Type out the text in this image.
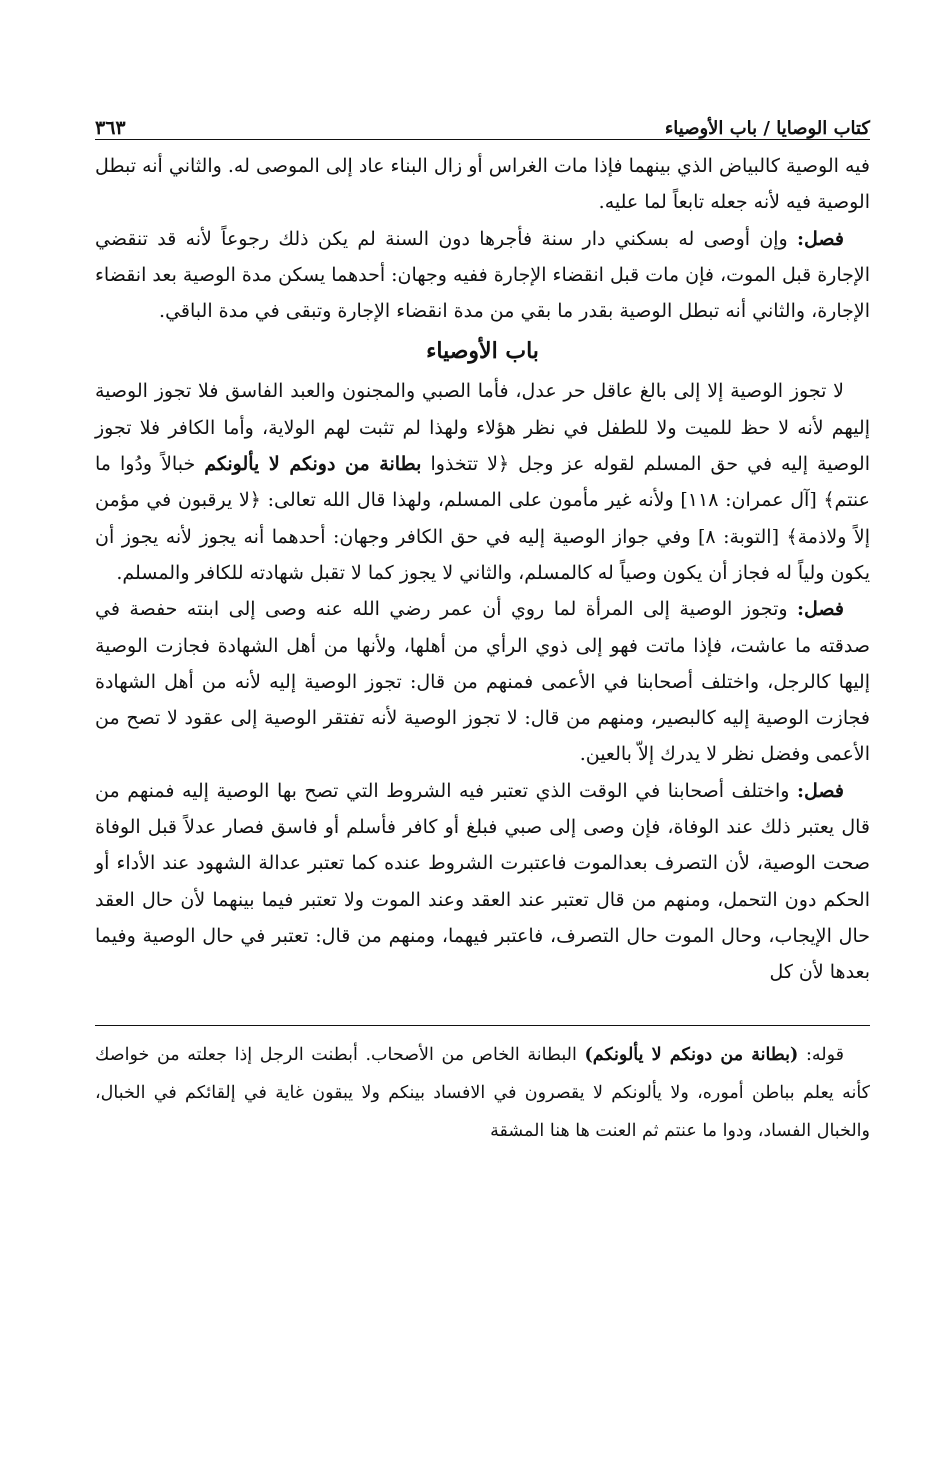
كتاب الوصايا / باب الأوصياء
٣٦٣

فيه الوصية كالبياض الذي بينهما فإذا مات الغراس أو زال البناء عاد إلى الموصى له. والثاني أنه تبطل الوصية فيه لأنه جعله تابعاً لما عليه.

فصل: وإن أوصى له بسكني دار سنة فأجرها دون السنة لم يكن ذلك رجوعاً لأنه قد تنقضي الإجارة قبل الموت، فإن مات قبل انقضاء الإجارة ففيه وجهان: أحدهما يسكن مدة الوصية بعد انقضاء الإجارة، والثاني أنه تبطل الوصية بقدر ما بقي من مدة انقضاء الإجارة وتبقى في مدة الباقي.

باب الأوصياء

لا تجوز الوصية إلا إلى بالغ عاقل حر عدل، فأما الصبي والمجنون والعبد الفاسق فلا تجوز الوصية إليهم لأنه لا حظ للميت ولا للطفل في نظر هؤلاء ولهذا لم تثبت لهم الولاية، وأما الكافر فلا تجوز الوصية إليه في حق المسلم لقوله عز وجل ﴿لا تتخذوا بطانة من دونكم لا يألونكم خبالاً ودُوا ما عنتم﴾ [آل عمران: ١١٨] ولأنه غير مأمون على المسلم، ولهذا قال الله تعالى: ﴿لا يرقبون في مؤمن إلاً ولاذمة﴾ [التوبة: ٨] وفي جواز الوصية إليه في حق الكافر وجهان: أحدهما أنه يجوز لأنه يجوز أن يكون ولياً له فجاز أن يكون وصياً له كالمسلم، والثاني لا يجوز كما لا تقبل شهادته للكافر والمسلم.

فصل: وتجوز الوصية إلى المرأة لما روي أن عمر رضي الله عنه وصى إلى ابنته حفصة في صدقته ما عاشت، فإذا ماتت فهو إلى ذوي الرأي من أهلها، ولأنها من أهل الشهادة فجازت الوصية إليها كالرجل، واختلف أصحابنا في الأعمى فمنهم من قال: تجوز الوصية إليه لأنه من أهل الشهادة فجازت الوصية إليه كالبصير، ومنهم من قال: لا تجوز الوصية لأنه تفتقر الوصية إلى عقود لا تصح من الأعمى وفضل نظر لا يدرك إلاّ بالعين.

فصل: واختلف أصحابنا في الوقت الذي تعتبر فيه الشروط التي تصح بها الوصية إليه فمنهم من قال يعتبر ذلك عند الوفاة، فإن وصى إلى صبي فبلغ أو كافر فأسلم أو فاسق فصار عدلاً قبل الوفاة صحت الوصية، لأن التصرف بعدالموت فاعتبرت الشروط عنده كما تعتبر عدالة الشهود عند الأداء أو الحكم دون التحمل، ومنهم من قال تعتبر عند العقد وعند الموت ولا تعتبر فيما بينهما لأن حال العقد حال الإيجاب، وحال الموت حال التصرف، فاعتبر فيهما، ومنهم من قال: تعتبر في حال الوصية وفيما بعدها لأن كل

قوله: (بطانة من دونكم لا يألونكم) البطانة الخاص من الأصحاب. أبطنت الرجل إذا جعلته من خواصك كأنه يعلم بباطن أموره، ولا يألونكم لا يقصرون في الافساد بينكم ولا يبقون غاية في إلقائكم في الخبال، والخبال الفساد، ودوا ما عنتم ثم العنت ها هنا المشقة
